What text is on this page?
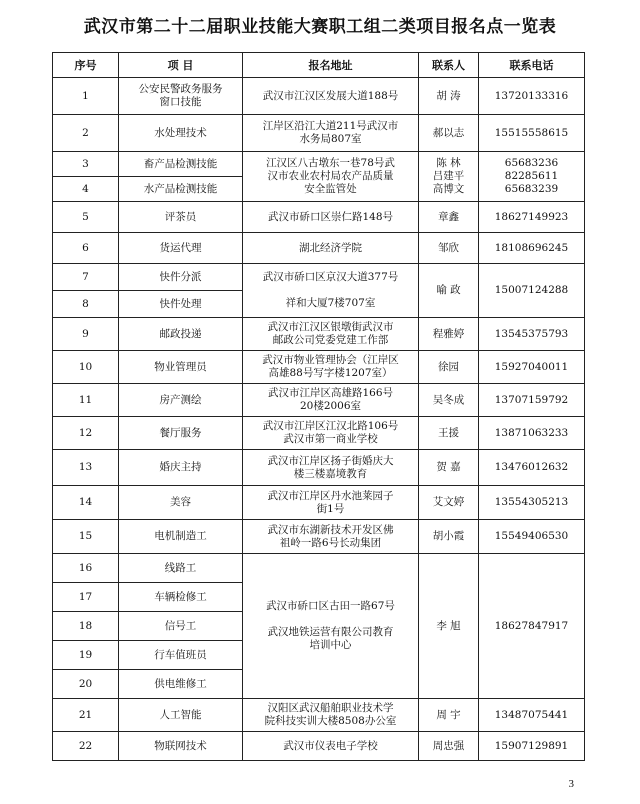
武汉市第二十二届职业技能大赛职工组二类项目报名点一览表
序号	项 目	报名地址	联系人	联系电话
1	公安民警政务服务
窗口技能	武汉市江汉区发展大道188号	胡 涛	13720133316
2	水处理技术	江岸区沿江大道211号武汉市
水务局807室	郝以志	15515558615
3	畜产品检测技能	江汉区八古墩东一巷78号武
汉市农业农村局农产品质量
安全监管处	陈 林
吕建平
高博文	65683236
82285611
65683239
4	水产品检测技能			
5	评茶员	武汉市硚口区崇仁路148号	章鑫	18627149923
6	货运代理	湖北经济学院	邹欣	18108696245
7	快件分派	武汉市硚口区京汉大道377号

祥和大厦7楼707室	喻 政	15007124288
8	快件处理			
9	邮政投递	武汉市江汉区银墩街武汉市
邮政公司党委党建工作部	程雅婷	13545375793
10	物业管理员	武汉市物业管理协会（江岸区
高雄88号写字楼1207室）	徐园	15927040011
11	房产测绘	武汉市江岸区高雄路166号
20楼2006室	吴冬成	13707159792
12	餐厅服务	武汉市江岸区江汉北路106号
武汉市第一商业学校	王援	13871063233
13	婚庆主持	武汉市江岸区扬子街婚庆大
楼三楼嘉境教育	贺 嘉	13476012632
14	美容	武汉市江岸区丹水池莱园子
街1号	艾文婷	13554305213
15	电机制造工	武汉市东湖新技术开发区佛
祖岭一路6号长动集团	胡小霞	15549406530
16	线路工	武汉市硚口区古田一路67号

武汉地铁运营有限公司教育
培训中心	李 旭	18627847917
17	车辆检修工			
18	信号工			
19	行车值班员			
20	供电维修工			
21	人工智能	汉阳区武汉船舶职业技术学
院科技实训大楼8508办公室	周 宇	13487075441
22	物联网技术	武汉市仪表电子学校	周忠强	15907129891
3
